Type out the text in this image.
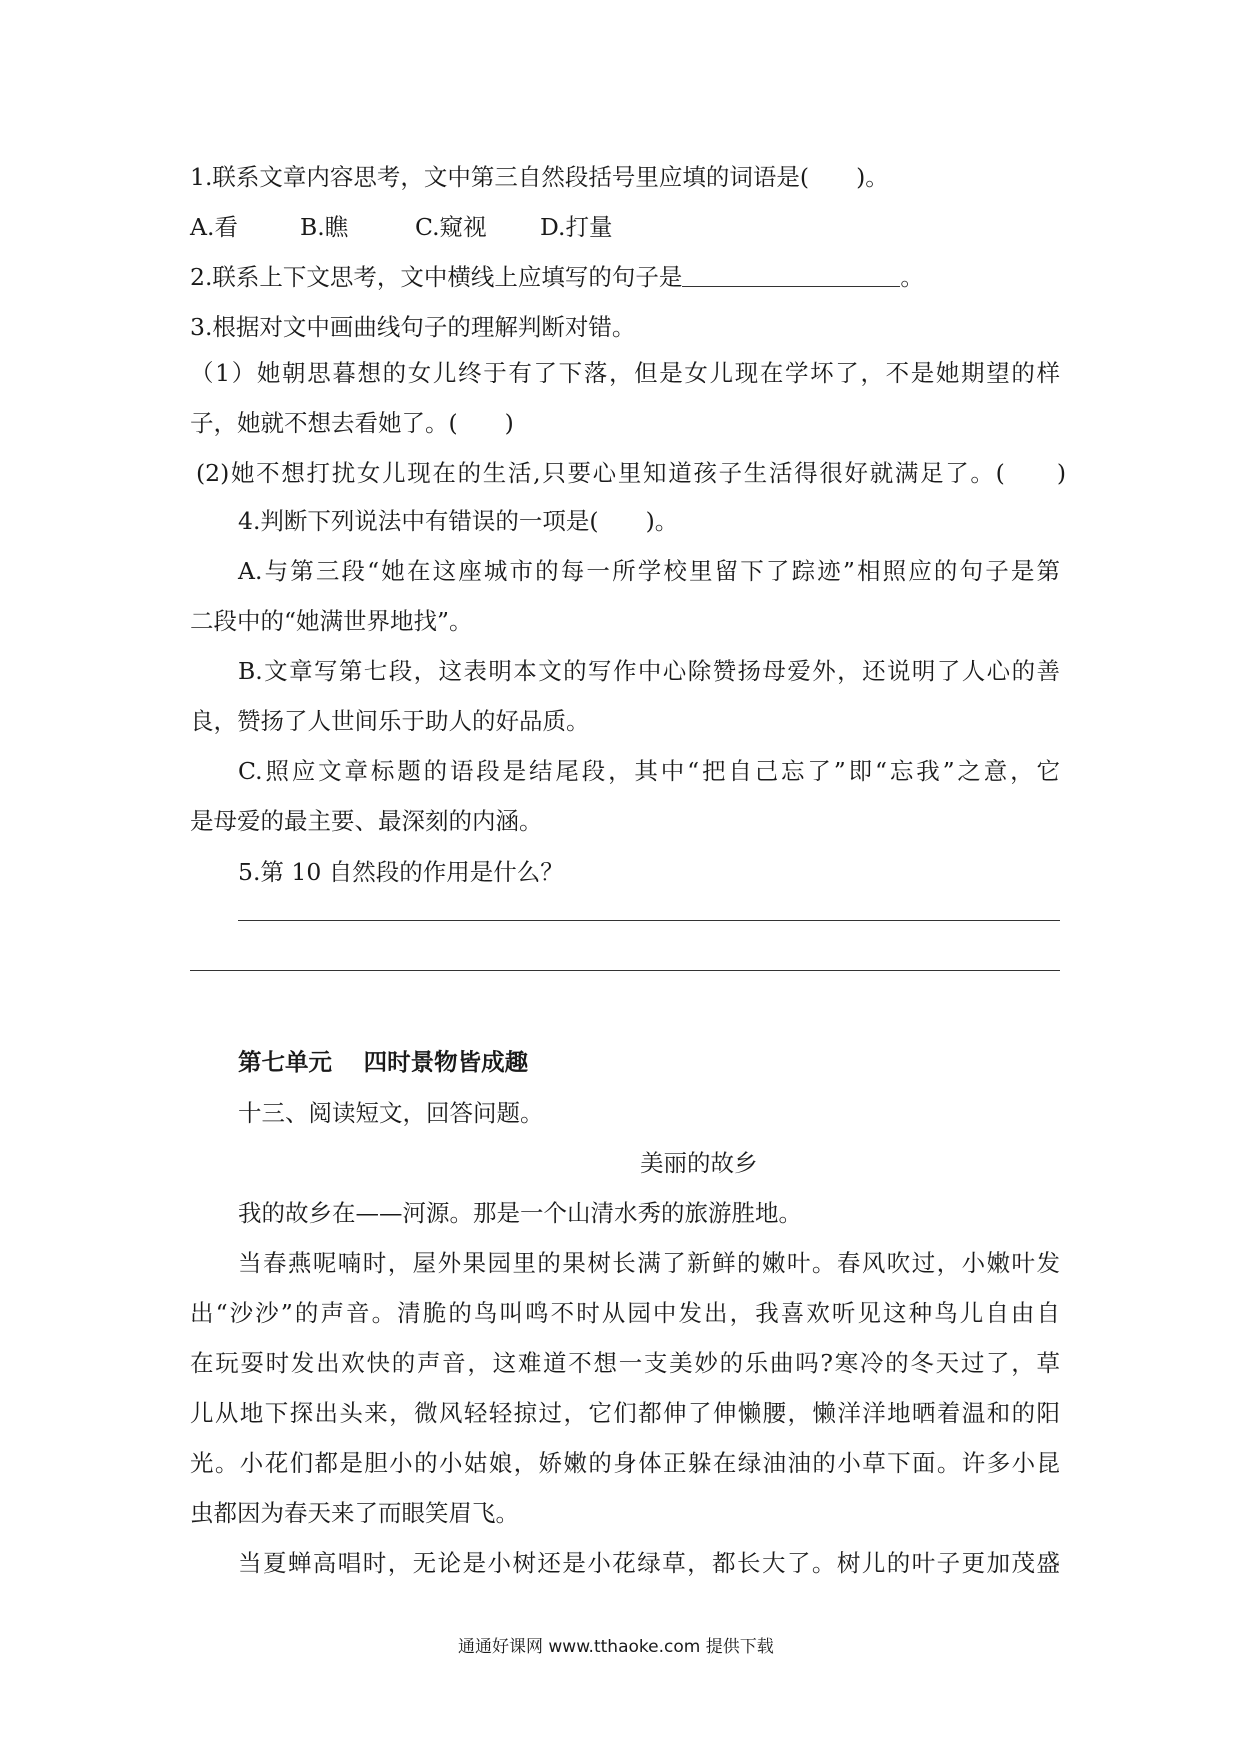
1.联系文章内容思考，文中第三自然段括号里应填的词语是(　　)。
A.看	B.瞧	C.窥视 D.打量
2.联系上下文思考，文中横线上应填写的句子是	。
3.根据对文中画曲线句子的理解判断对错。
（1）她朝思暮想的女儿终于有了下落，但是女儿现在学坏了，不是她期望的样
子，她就不想去看她了。(　　)
(2)她不想打扰女儿现在的生活,只要心里知道孩子生活得很好就满足了。(　　)
4.判断下列说法中有错误的一项是(　　)。
A.与第三段“她在这座城市的每一所学校里留下了踪迹”相照应的句子是第
二段中的“她满世界地找”。
B.文章写第七段，这表明本文的写作中心除赞扬母爱外，还说明了人心的善
良，赞扬了人世间乐于助人的好品质。
C.照应文章标题的语段是结尾段，其中“把自己忘了”即“忘我”之意，它
是母爱的最主要、最深刻的内涵。
5.第 10 自然段的作用是什么？
第七单元　 四时景物皆成趣
十三、阅读短文，回答问题。
美丽的故乡
我的故乡在——河源。那是一个山清水秀的旅游胜地。
当春燕呢喃时，屋外果园里的果树长满了新鲜的嫩叶。春风吹过，小嫩叶发
出“沙沙”的声音。清脆的鸟叫鸣不时从园中发出，我喜欢听见这种鸟儿自由自
在玩耍时发出欢快的声音，这难道不想一支美妙的乐曲吗?寒冷的冬天过了，草
儿从地下探出头来，微风轻轻掠过，它们都伸了伸懒腰，懒洋洋地晒着温和的阳
光。小花们都是胆小的小姑娘，娇嫩的身体正躲在绿油油的小草下面。许多小昆
虫都因为春天来了而眼笑眉飞。
当夏蝉高唱时，无论是小树还是小花绿草，都长大了。树儿的叶子更加茂盛
通通好课网 www.tthaoke.com 提供下载
